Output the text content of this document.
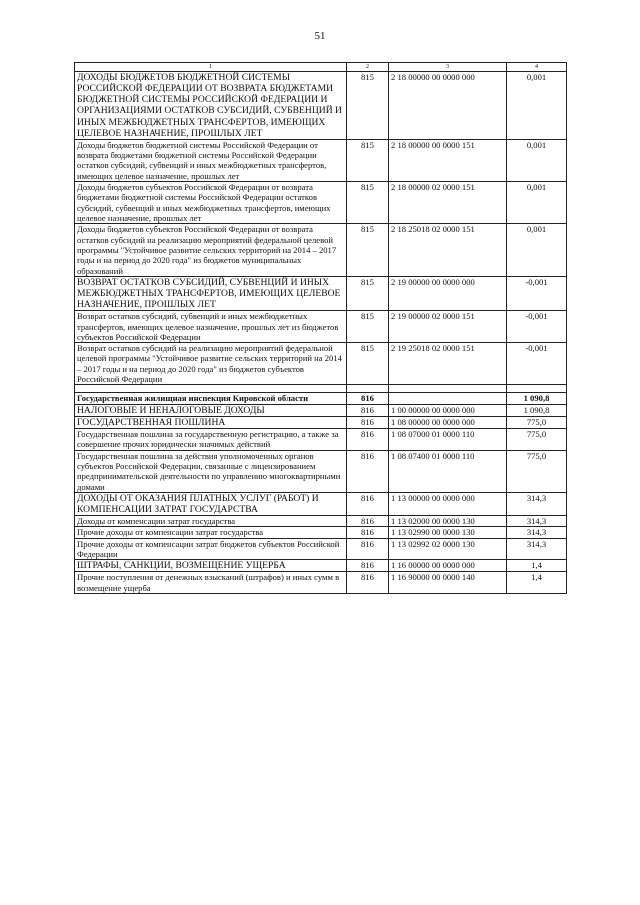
51
1	2	3	4
ДОХОДЫ БЮДЖЕТОВ БЮДЖЕТНОЙ СИСТЕМЫ РОССИЙСКОЙ ФЕДЕРАЦИИ ОТ ВОЗВРАТА БЮДЖЕТАМИ БЮДЖЕТНОЙ СИСТЕМЫ РОССИЙСКОЙ ФЕДЕРАЦИИ И ОРГАНИЗАЦИЯМИ ОСТАТКОВ СУБСИДИЙ, СУБВЕНЦИЙ И ИНЫХ МЕЖБЮДЖЕТНЫХ ТРАНСФЕРТОВ, ИМЕЮЩИХ ЦЕЛЕВОЕ НАЗНАЧЕНИЕ, ПРОШЛЫХ ЛЕТ	815	2 18 00000 00 0000 000	0,001
Доходы бюджетов бюджетной системы Российской Федерации от возврата бюджетами бюджетной системы Российской Федерации остатков субсидий, субвенций и иных межбюджетных трансфертов, имеющих целевое назначение, прошлых лет	815	2 18 00000 00 0000 151	0,001
Доходы бюджетов субъектов Российской Федерации от возврата бюджетами бюджетной системы Российской Федерации остатков субсидий, субвенций и иных межбюджетных трансфертов, имеющих целевое назначение, прошлых лет	815	2 18 00000 02 0000 151	0,001
Доходы бюджетов субъектов Российской Федерации от возврата остатков субсидий на реализацию мероприятий федеральной целевой программы "Устойчивое развитие сельских территорий на 2014 – 2017 годы и на период до 2020 года" из бюджетов муниципальных образований	815	2 18 25018 02 0000 151	0,001
ВОЗВРАТ ОСТАТКОВ СУБСИДИЙ, СУБВЕНЦИЙ И ИНЫХ МЕЖБЮДЖЕТНЫХ ТРАНСФЕРТОВ, ИМЕЮЩИХ ЦЕЛЕВОЕ НАЗНАЧЕНИЕ, ПРОШЛЫХ ЛЕТ	815	2 19 00000 00 0000 000	-0,001
Возврат остатков субсидий, субвенций и иных межбюджетных трансфертов, имеющих целевое назначение, прошлых лет из бюджетов субъектов Российской Федерации	815	2 19 00000 02 0000 151	-0,001
Возврат остатков субсидий на реализацию мероприятий федеральной целевой программы "Устойчивое развитие сельских территорий на 2014 – 2017 годы и на период до 2020 года" из бюджетов субъектов Российской Федерации	815	2 19 25018 02 0000 151	-0,001

Государственная жилищная инспекция Кировской области	816		1 090,8
НАЛОГОВЫЕ И НЕНАЛОГОВЫЕ ДОХОДЫ	816	1 00 00000 00 0000 000	1 090,8
ГОСУДАРСТВЕННАЯ ПОШЛИНА	816	1 08 00000 00 0000 000	775,0
Государственная пошлина за государственную регистрацию, а также за совершение прочих юридически значимых действий	816	1 08 07000 01 0000 110	775,0
Государственная пошлина за действия уполномоченных органов субъектов Российской Федерации, связанные с лицензированием предпринимательской деятельности по управлению многоквартирными домами	816	1 08 07400 01 0000 110	775,0
ДОХОДЫ ОТ ОКАЗАНИЯ ПЛАТНЫХ УСЛУГ (РАБОТ) И КОМПЕНСАЦИИ ЗАТРАТ ГОСУДАРСТВА	816	1 13 00000 00 0000 000	314,3
Доходы от компенсации затрат государства	816	1 13 02000 00 0000 130	314,3
Прочие доходы от компенсации затрат государства	816	1 13 02990 00 0000 130	314,3
Прочие доходы от компенсации затрат бюджетов субъектов Российской Федерации	816	1 13 02992 02 0000 130	314,3
ШТРАФЫ, САНКЦИИ, ВОЗМЕЩЕНИЕ УЩЕРБА	816	1 16 00000 00 0000 000	1,4
Прочие поступления от денежных взысканий (штрафов) и иных сумм в возмещение ущерба	816	1 16 90000 00 0000 140	1,4
